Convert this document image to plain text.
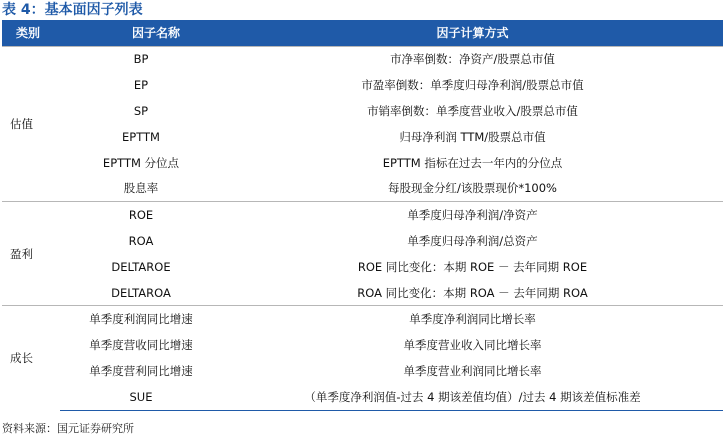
表 4：基本面因子列表
类别	因子名称	因子计算方式
估值	BP	市净率倒数：净资产/股票总市值
	EP	市盈率倒数：单季度归母净利润/股票总市值
	SP	市销率倒数：单季度营业收入/股票总市值
	EPTTM	归母净利润 TTM/股票总市值
	EPTTM 分位点	EPTTM 指标在过去一年内的分位点
	股息率	每股现金分红/该股票现价*100%
盈利	ROE	单季度归母净利润/净资产
	ROA	单季度归母净利润/总资产
	DELTAROE	ROE 同比变化：本期 ROE － 去年同期 ROE
	DELTAROA	ROA 同比变化：本期 ROA － 去年同期 ROA
成长	单季度利润同比增速	单季度净利润同比增长率
	单季度营收同比增速	单季度营业收入同比增长率
	单季度营利同比增速	单季度营业利润同比增长率
	SUE	（单季度净利润值-过去 4 期该差值均值）/过去 4 期该差值标准差
资料来源：国元证券研究所
